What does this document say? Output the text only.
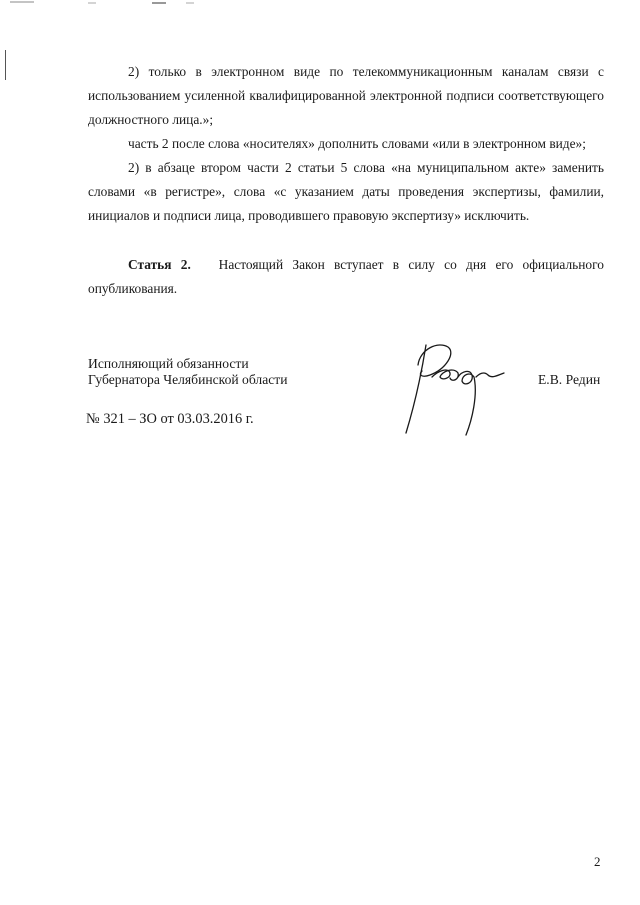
2) только в электронном виде по телекоммуникационным каналам связи с использованием усиленной квалифицированной электронной подписи соответствующего должностного лица.»;

часть 2 после слова «носителях» дополнить словами «или в электронном виде»;

2) в абзаце втором части 2 статьи 5 слова «на муниципальном акте» заменить словами «в регистре», слова «с указанием даты проведения экспертизы, фамилии, инициалов и подписи лица, проводившего правовую экспертизу» исключить.

Статья 2. Настоящий Закон вступает в силу со дня его официального опубликования.

Исполняющий обязанности
Губернатора Челябинской области	Е.В. Редин
№ 321 – ЗО от 03.03.2016 г.
2
